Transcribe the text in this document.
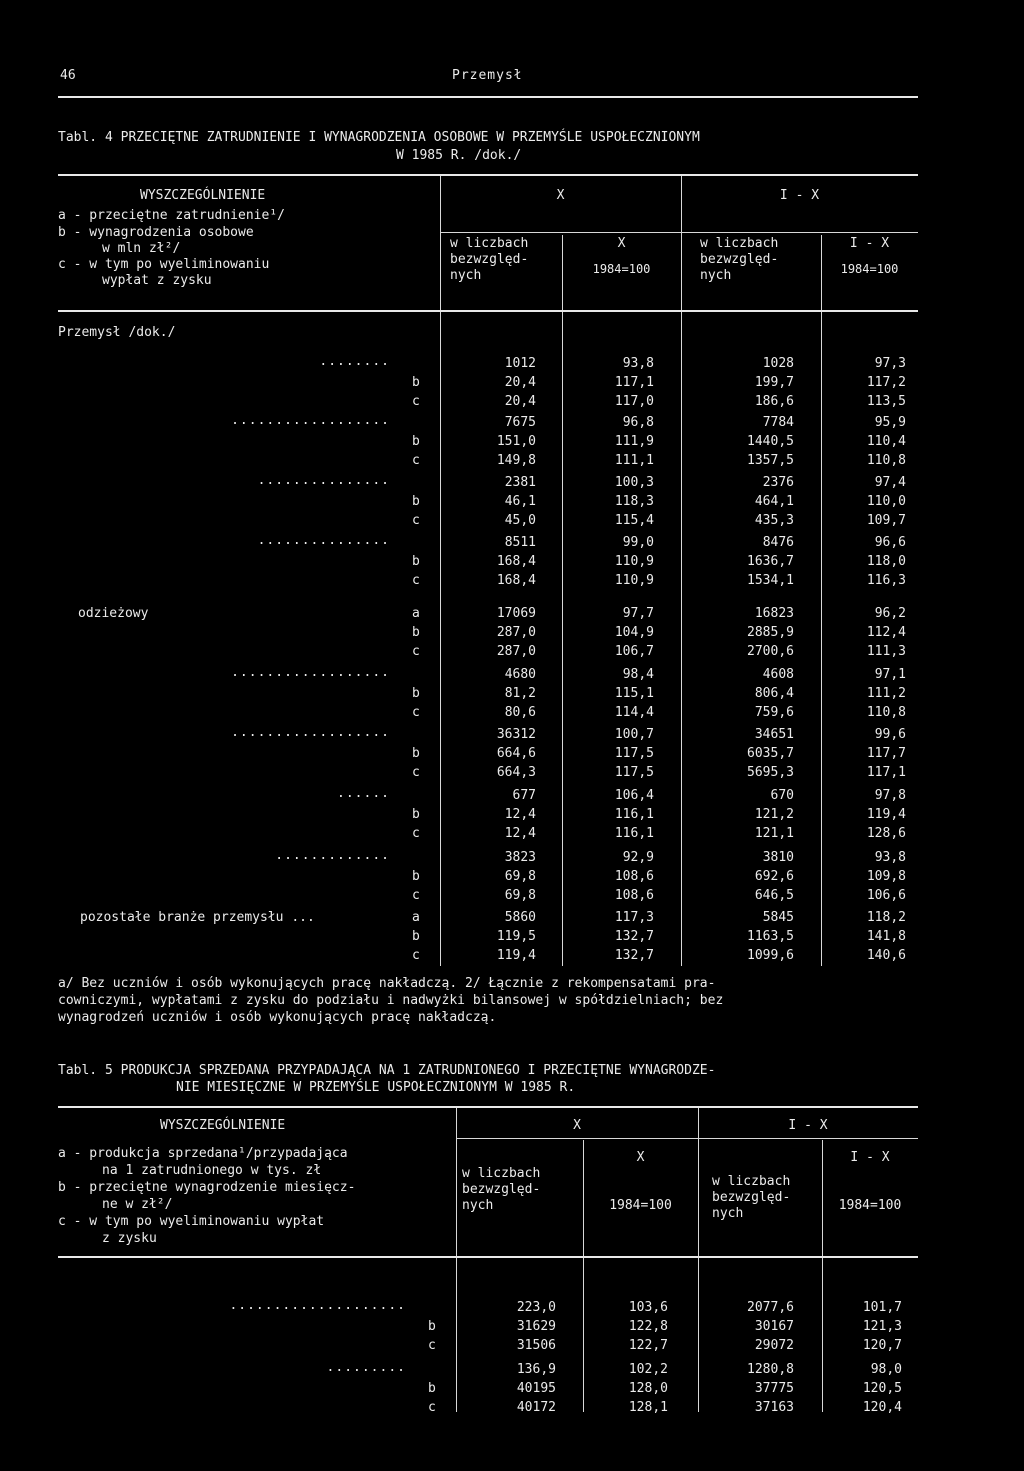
46	Przemysł
Tabl. 4 PRZECIĘTNE ZATRUDNIENIE I WYNAGRODZENIA OSOBOWE W PRZEMYŚLE USPOŁECZNIONYM
W 1985 R. /dok./
WYSZCZEGÓLNIENIE
a - przeciętne zatrudnienie¹/
b - wynagrodzenia osobowe
w mln zł²/
c - w tym po wyeliminowaniu
wypłat z zysku
X	I - X
w liczbach
bezwzględ-
nych
X
1984=100
w liczbach
bezwzględ-
nych
I - X
1984=100
Przemysł /dok./
........	1012	93,8	1028	97,3
b	20,4	117,1	199,7	117,2
c	20,4	117,0	186,6	113,5
..................	7675	96,8	7784	95,9
b	151,0	111,9	1440,5	110,4
c	149,8	111,1	1357,5	110,8
...............	2381	100,3	2376	97,4
b	46,1	118,3	464,1	110,0
c	45,0	115,4	435,3	109,7
...............	8511	99,0	8476	96,6
b	168,4	110,9	1636,7	118,0
c	168,4	110,9	1534,1	116,3
odzieżowy	a	17069	97,7	16823	96,2
b	287,0	104,9	2885,9	112,4
c	287,0	106,7	2700,6	111,3
..................	4680	98,4	4608	97,1
b	81,2	115,1	806,4	111,2
c	80,6	114,4	759,6	110,8
..................	36312	100,7	34651	99,6
b	664,6	117,5	6035,7	117,7
c	664,3	117,5	5695,3	117,1
......	677	106,4	670	97,8
b	12,4	116,1	121,2	119,4
c	12,4	116,1	121,1	128,6
.............	3823	92,9	3810	93,8
b	69,8	108,6	692,6	109,8
c	69,8	108,6	646,5	106,6
pozostałe branże przemysłu ...	a	5860	117,3	5845	118,2
b	119,5	132,7	1163,5	141,8
c	119,4	132,7	1099,6	140,6
a/ Bez uczniów i osób wykonujących pracę nakładczą. 2/ Łącznie z rekompensatami pra-
cowniczymi, wypłatami z zysku do podziału i nadwyżki bilansowej w spółdzielniach; bez
wynagrodzeń uczniów i osób wykonujących pracę nakładczą.
Tabl. 5 PRODUKCJA SPRZEDANA PRZYPADAJĄCA NA 1 ZATRUDNIONEGO I PRZECIĘTNE WYNAGRODZE-
NIE MIESIĘCZNE W PRZEMYŚLE USPOŁECZNIONYM W 1985 R.
WYSZCZEGÓLNIENIE
a - produkcja sprzedana¹/przypadająca
na 1 zatrudnionego w tys. zł
b - przeciętne wynagrodzenie miesięcz-
ne w zł²/
c - w tym po wyeliminowaniu wypłat
z zysku
X	I - X
w liczbach
bezwzględ-
nych
X
1984=100
w liczbach
bezwzględ-
nych
I - X
1984=100
....................	223,0	103,6	2077,6	101,7
b	31629	122,8	30167	121,3
c	31506	122,7	29072	120,7
.........	136,9	102,2	1280,8	98,0
b	40195	128,0	37775	120,5
c	40172	128,1	37163	120,4
